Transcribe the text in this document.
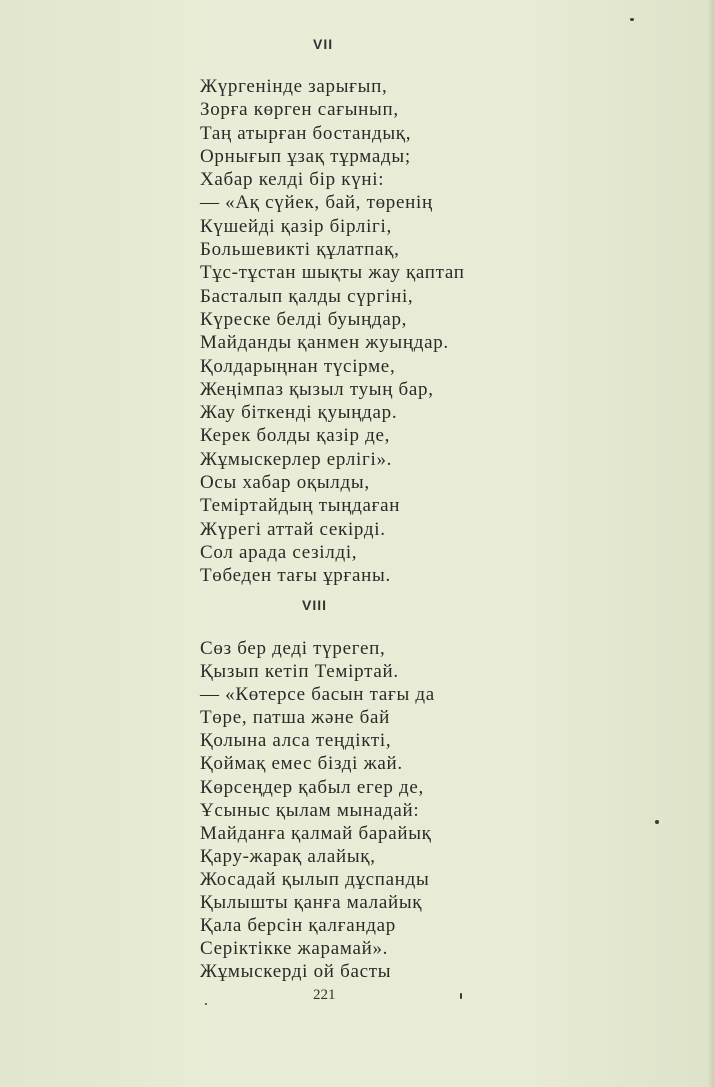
VII
Жүргенінде зарығып,
Зорға көрген сағынып,
Таң атырған бостандық,
Орнығып ұзақ тұрмады;
Хабар келді бір күні:
— «Ақ сүйек, бай, төренің
Күшейді қазір бірлігі,
Большевикті құлатпақ,
Тұс-тұстан шықты жау қаптап
Басталып қалды сүргіні,
Күреске белді буыңдар,
Майданды қанмен жуыңдар.
Қолдарыңнан түсірме,
Жеңімпаз қызыл туың бар,
Жау біткенді қуыңдар.
Керек болды қазір де,
Жұмыскерлер ерлігі».
Осы хабар оқылды,
Теміртайдың тыңдаған
Жүрегі аттай секірді.
Сол арада сезілді,
Төбеден тағы ұрғаны.
VIII
Сөз бер деді түрегеп,
Қызып кетіп Теміртай.
— «Көтерсе басын тағы да
Төре, патша және бай
Қолына алса теңдікті,
Қоймақ емес бізді жай.
Көрсеңдер қабыл егер де,
Ұсыныс қылам мынадай:
Майданға қалмай барайық
Қару-жарақ алайық,
Жосадай қылып дұспанды
Қылышты қанға малайық
Қала берсін қалғандар
Серіктікке жарамай».
Жұмыскерді ой басты
221
